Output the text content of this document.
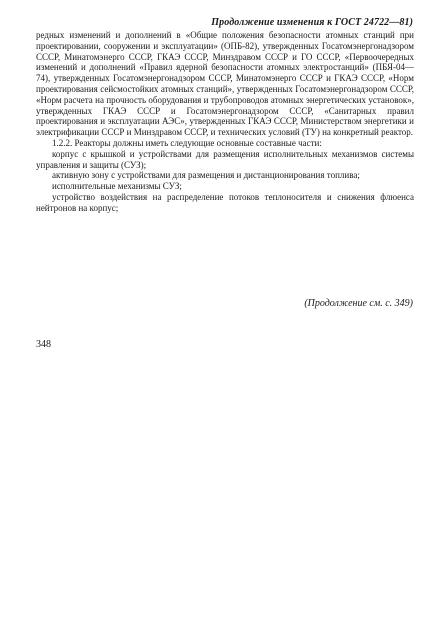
Продолжение изменения к ГОСТ 24722—81)

редных изменений и дополнений в «Общие положения безопасности атомных станций при проектировании, сооружении и эксплуатации» (ОПБ-82), утвержденных Госатомэнергонадзором СССР, Минатомэнерго СССР, ГКАЭ СССР, Минздравом СССР и ГО СССР, «Первоочередных изменений и дополнений «Правил ядерной безопасности атомных электростанций» (ПБЯ-04—74), утвержденных Госатомэнергонадзором СССР, Минатомэнерго СССР и ГКАЭ СССР, «Норм проектирования сейсмостойких атомных станций», утвержденных Госатомэнергонадзором СССР, «Норм расчета на прочность оборудования и трубопроводов атомных энергетических установок», утвержденных ГКАЭ СССР и Госатомэнергонадзором СССР, «Санитарных правил проектирования и эксплуатации АЭС», утвержденных ГКАЭ СССР, Министерством энергетики и электрификации СССР и Минздравом СССР, и технических условий (ТУ) на конкретный реактор.

1.2.2. Реакторы должны иметь следующие основные составные части:

корпус с крышкой и устройствами для размещения исполнительных механизмов системы управления и защиты (СУЗ);

активную зону с устройствами для размещения и дистанционирования топлива;

исполнительные механизмы СУЗ;

устройство воздействия на распределение потоков теплоносителя и снижения флюенса нейтронов на корпус;

(Продолжение см. с. 349)
348
